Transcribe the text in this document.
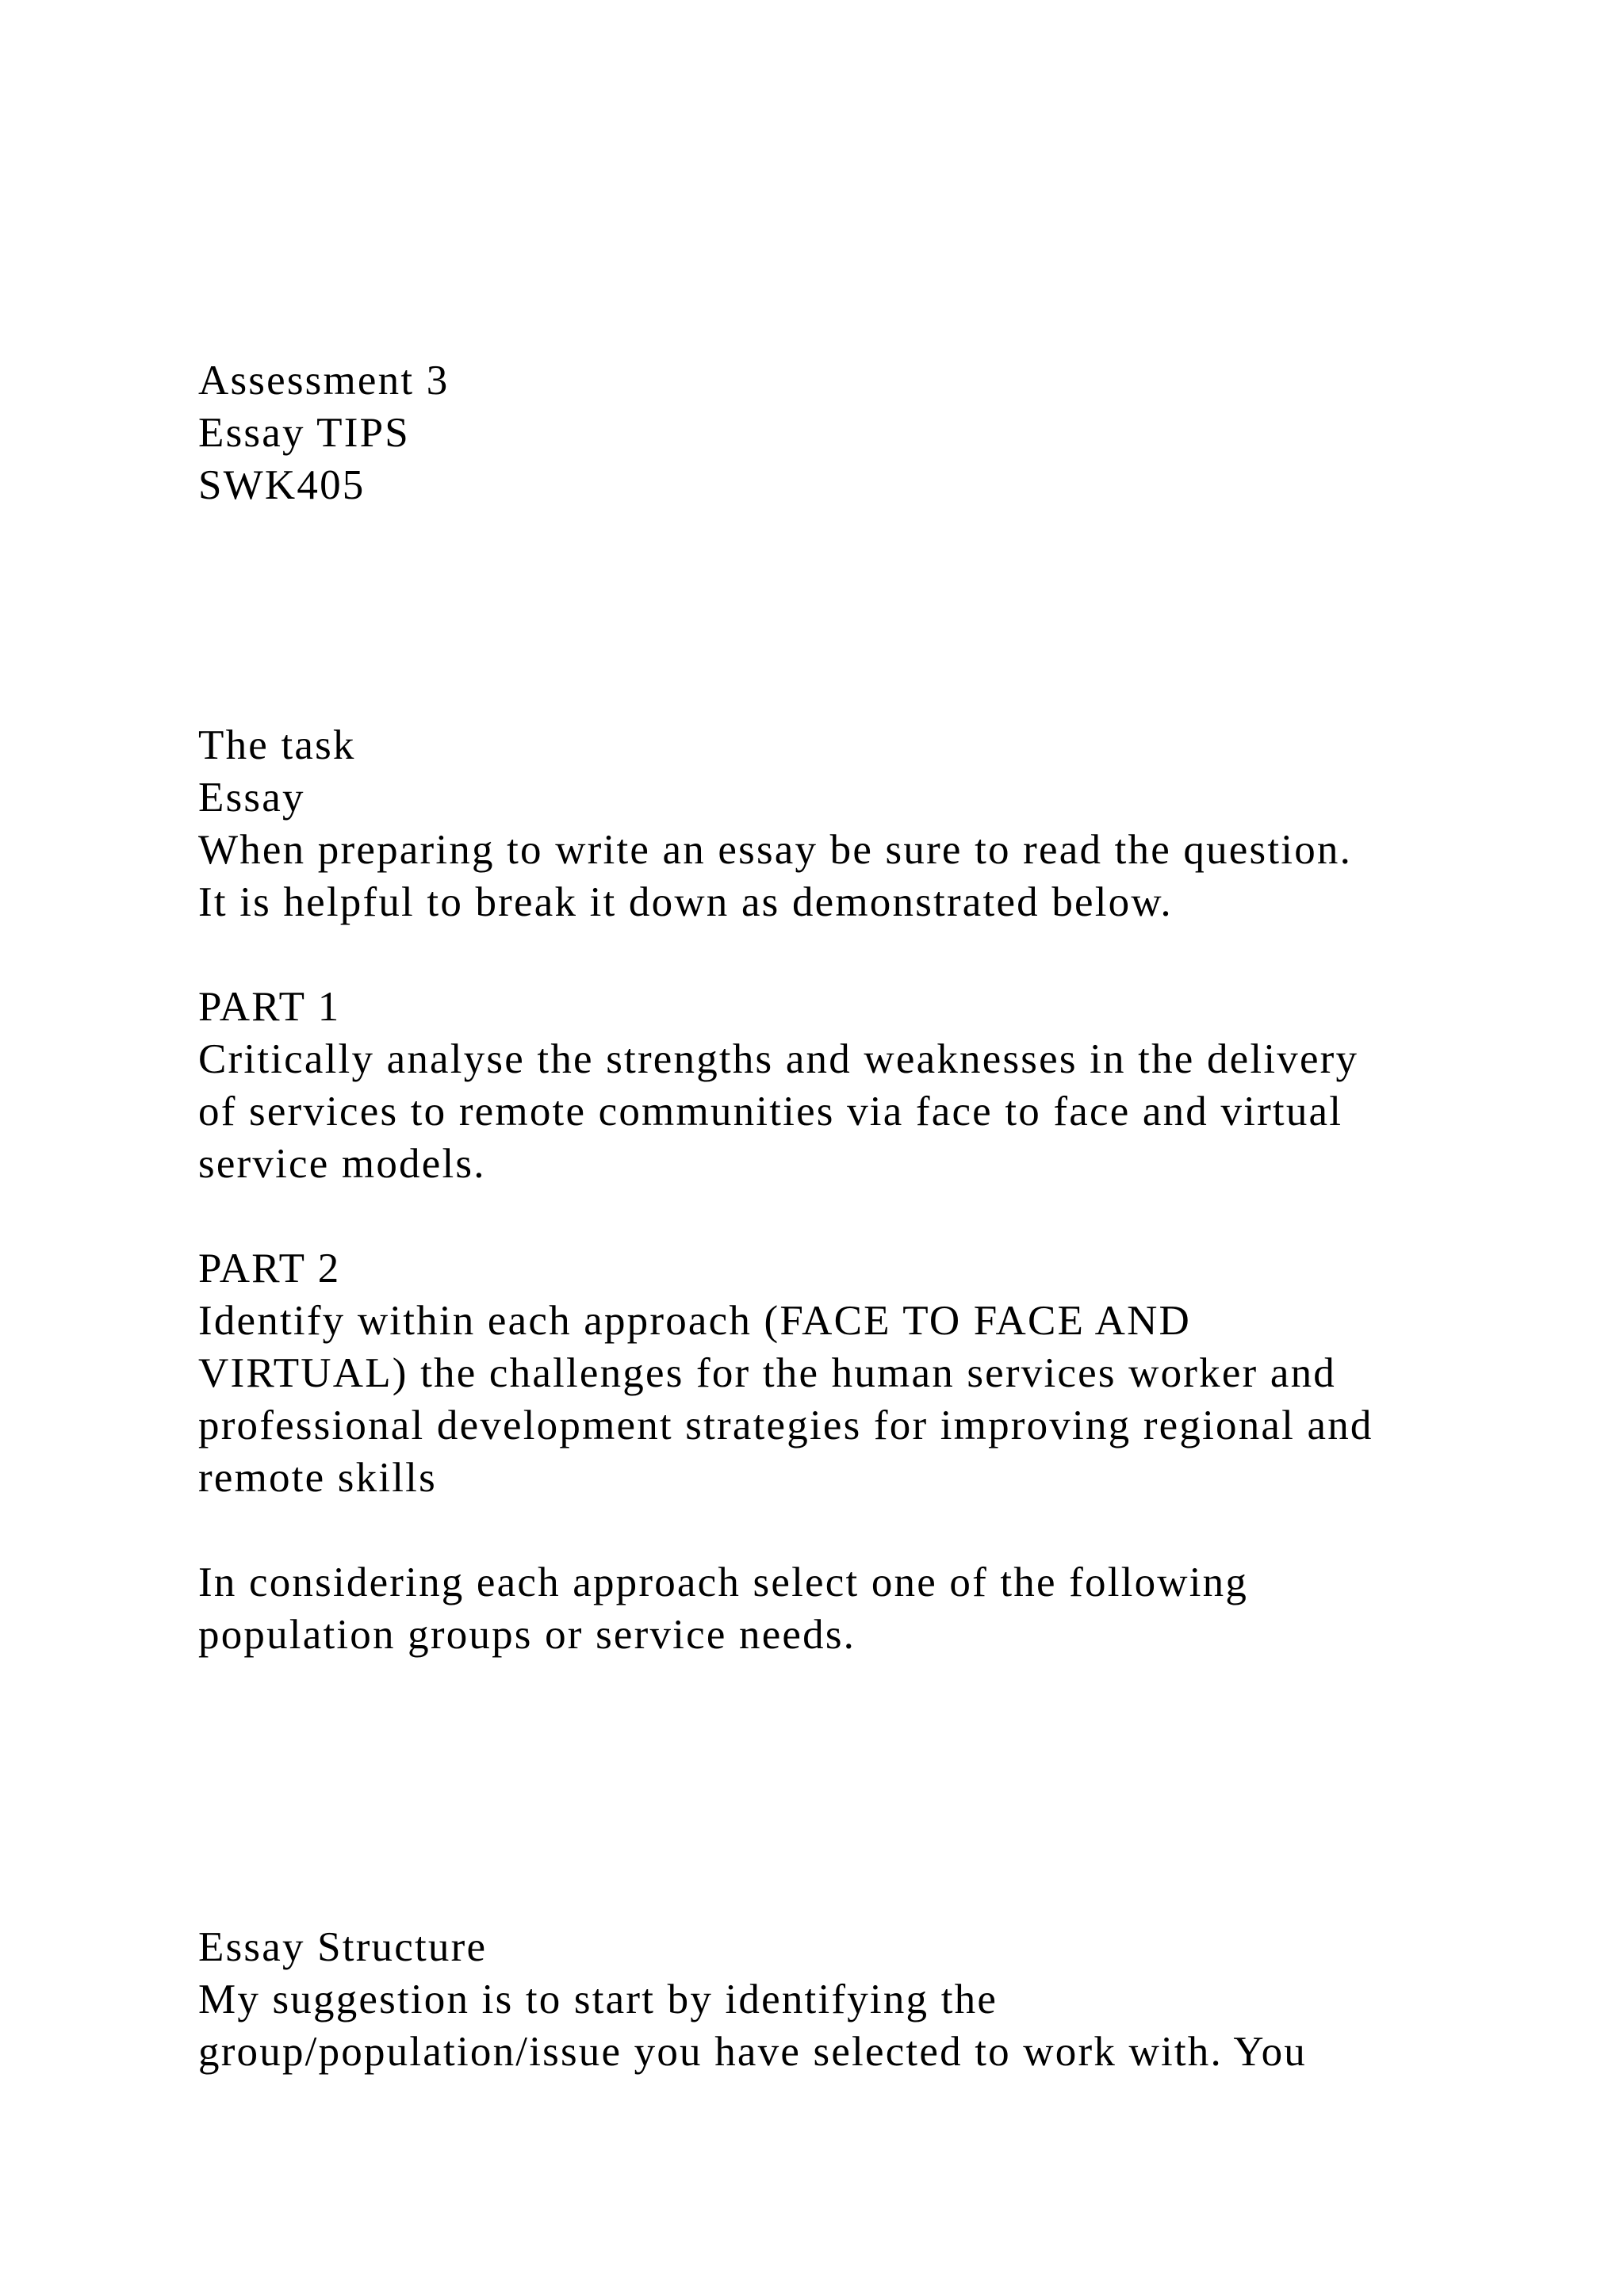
Assessment 3
Essay TIPS
SWK405
The task
Essay
When preparing to write an essay be sure to read the question.
It is helpful to break it down as demonstrated below.
PART 1
Critically analyse the strengths and weaknesses in the delivery
of services to remote communities via face to face and virtual
service models.
PART 2
Identify within each approach (FACE TO FACE AND
VIRTUAL) the challenges for the human services worker and
professional development strategies for improving regional and
remote skills
In considering each approach select one of the following
population groups or service needs.
Essay Structure
My suggestion is to start by identifying the
group/population/issue you have selected to work with. You
